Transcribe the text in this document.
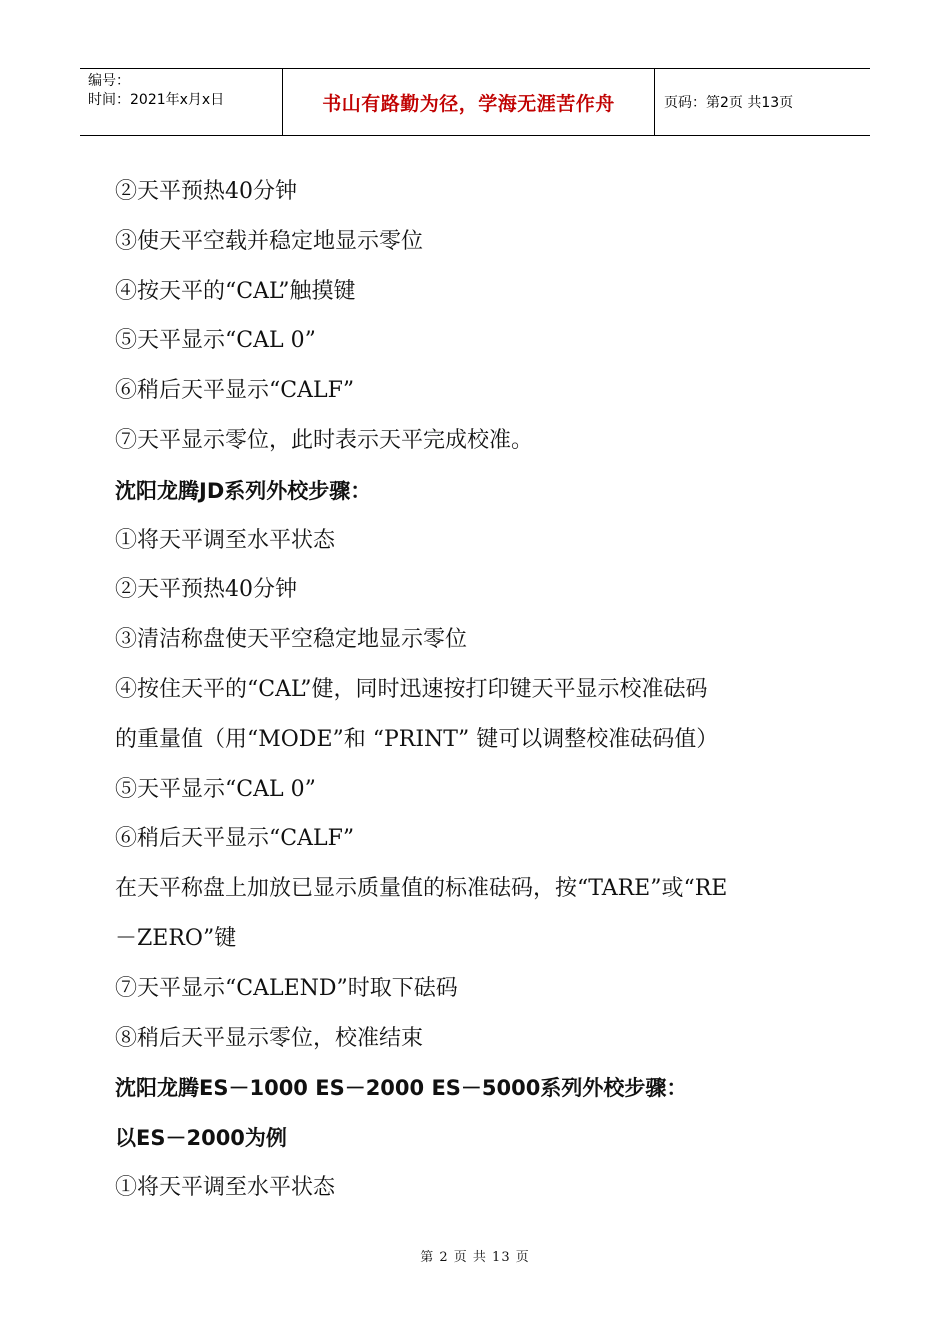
编号：
时间：2021年x月x日	书山有路勤为径，学海无涯苦作舟	页码：第2页 共13页
②天平预热40分钟
③使天平空载并稳定地显示零位
④按天平的“CAL”触摸键
⑤天平显示“CAL 0”
⑥稍后天平显示“CALF”
⑦天平显示零位，此时表示天平完成校准。
沈阳龙腾JD系列外校步骤：
①将天平调至水平状态
②天平预热40分钟
③清洁称盘使天平空稳定地显示零位
④按住天平的“CAL”健，同时迅速按打印键天平显示校准砝码
的重量值（用“MODE”和 “PRINT” 键可以调整校准砝码值）
⑤天平显示“CAL 0”
⑥稍后天平显示“CALF”
在天平称盘上加放已显示质量值的标准砝码，按“TARE”或“RE
－ZERO”键
⑦天平显示“CALEND”时取下砝码
⑧稍后天平显示零位，校准结束
沈阳龙腾ES－1000 ES－2000 ES－5000系列外校步骤：
以ES－2000为例
①将天平调至水平状态
第 2 页 共 13 页
